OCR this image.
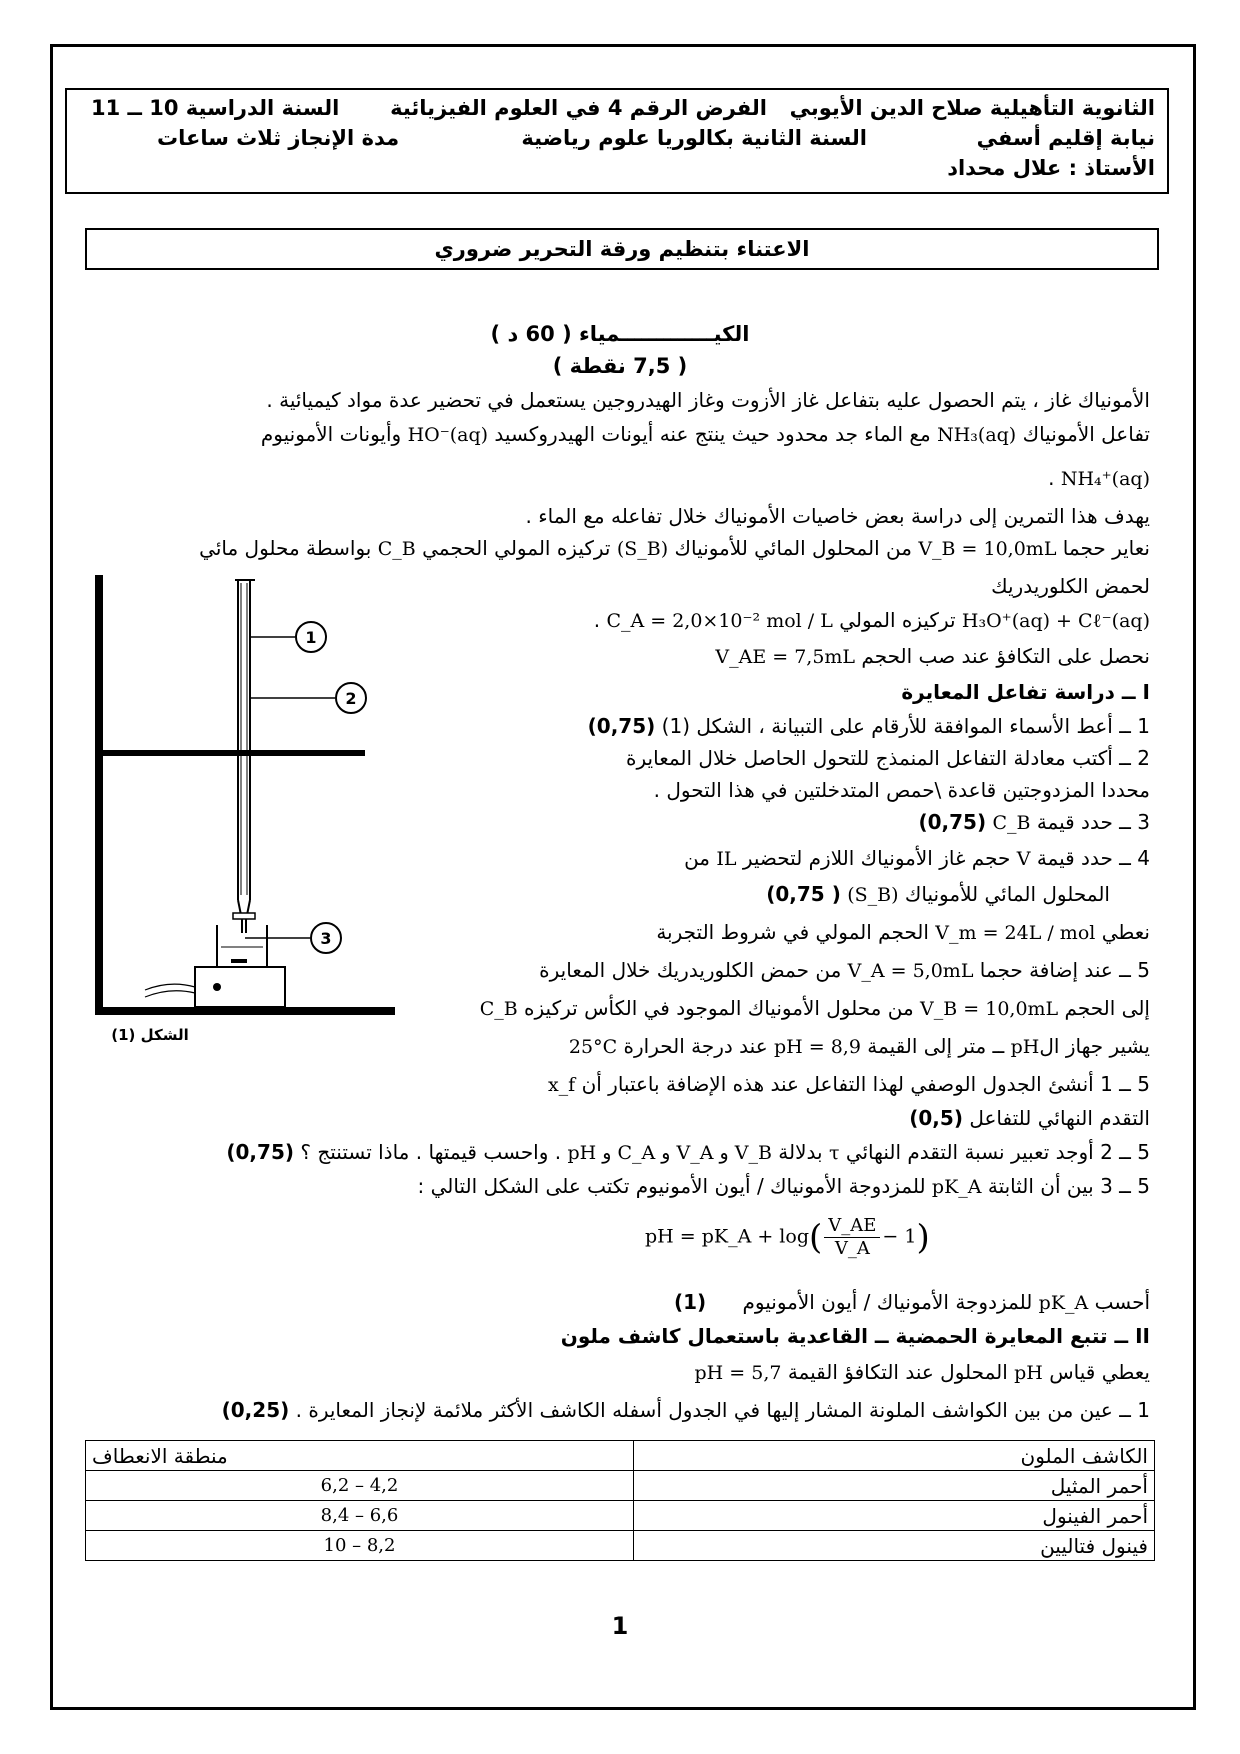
الثانوية التأهيلية صلاح الدين الأيوبي
الفرض الرقم 4 في العلوم الفيزيائية
السنة الدراسية 10 ــ 11
نيابة إقليم أسفي
السنة الثانية بكالوريا علوم رياضية
مدة الإنجاز ثلاث ساعات
الأستاذ : علال محداد
الاعتناء بتنظيم ورقة التحرير ضروري
الكيـــــــــــــمياء ( 60 د )
( 7,5 نقطة )
الأمونياك غاز ، يتم الحصول عليه بتفاعل غاز الأزوت وغاز الهيدروجين يستعمل في تحضير عدة مواد كيميائية .
تفاعل الأمونياك NH₃(aq) مع الماء جد محدود حيث ينتج عنه أيونات الهيدروكسيد HO⁻(aq) وأيونات الأمونيوم
NH₄⁺(aq) .
يهدف هذا التمرين إلى دراسة بعض خاصيات الأمونياك خلال تفاعله مع الماء .
نعاير حجما V_B = 10,0mL من المحلول المائي للأمونياك (S_B) تركيزه المولي الحجمي C_B بواسطة محلول مائي
لحمض الكلوريدريك
H₃O⁺(aq) + Cℓ⁻(aq) تركيزه المولي C_A = 2,0×10⁻² mol / L .
نحصل على التكافؤ عند صب الحجم V_AE = 7,5mL
I ــ دراسة تفاعل المعايرة
1 ــ أعط الأسماء الموافقة للأرقام على التبيانة ، الشكل (1) (0,75)
2 ــ أكتب معادلة التفاعل المنمذج للتحول الحاصل خلال المعايرة
محددا المزدوجتين قاعدة \حمص المتدخلتين في هذا التحول .
3 ــ حدد قيمة C_B (0,75)
4 ــ حدد قيمة V حجم غاز الأمونياك اللازم لتحضير IL من
المحلول المائي للأمونياك (S_B) ( 0,75)
نعطي V_m = 24L / mol الحجم المولي في شروط التجربة
5 ــ عند إضافة حجما V_A = 5,0mL من حمض الكلوريدريك خلال المعايرة
إلى الحجم V_B = 10,0mL من محلول الأمونياك الموجود في الكأس تركيزه C_B
يشير جهاز الpH ــ متر إلى القيمة pH = 8,9 عند درجة الحرارة 25°C
5 ــ 1 أنشئ الجدول الوصفي لهذا التفاعل عند هذه الإضافة باعتبار أن x_f
التقدم النهائي للتفاعل (0,5)
5 ــ 2 أوجد تعبير نسبة التقدم النهائي τ بدلالة pH و C_A و V_A و V_B . واحسب قيمتها . ماذا تستنتج ؟ (0,75)
5 ــ 3 بين أن الثابتة pK_A للمزدوجة الأمونياك / أيون الأمونيوم تكتب على الشكل التالي :
pH = pK_A + $\log( \frac{V\_AE}{V\_A} - 1)$
أحسب pK_A للمزدوجة الأمونياك / أيون الأمونيوم (1)
II ــ تتبع المعايرة الحمضية ــ القاعدية باستعمال كاشف ملون
يعطي قياس pH المحلول عند التكافؤ القيمة pH = 5,7
1 ــ عين من بين الكواشف الملونة المشار إليها في الجدول أسفله الكاشف الأكثر ملائمة لإنجاز المعايرة . (0,25)
الكاشف الملون	منطقة الانعطاف
أحمر المثيل	6,2 – 4,2
أحمر الفينول	8,4 – 6,6
فينول فتاليين	10 – 8,2
1
2
3
الشكل (1)
1
